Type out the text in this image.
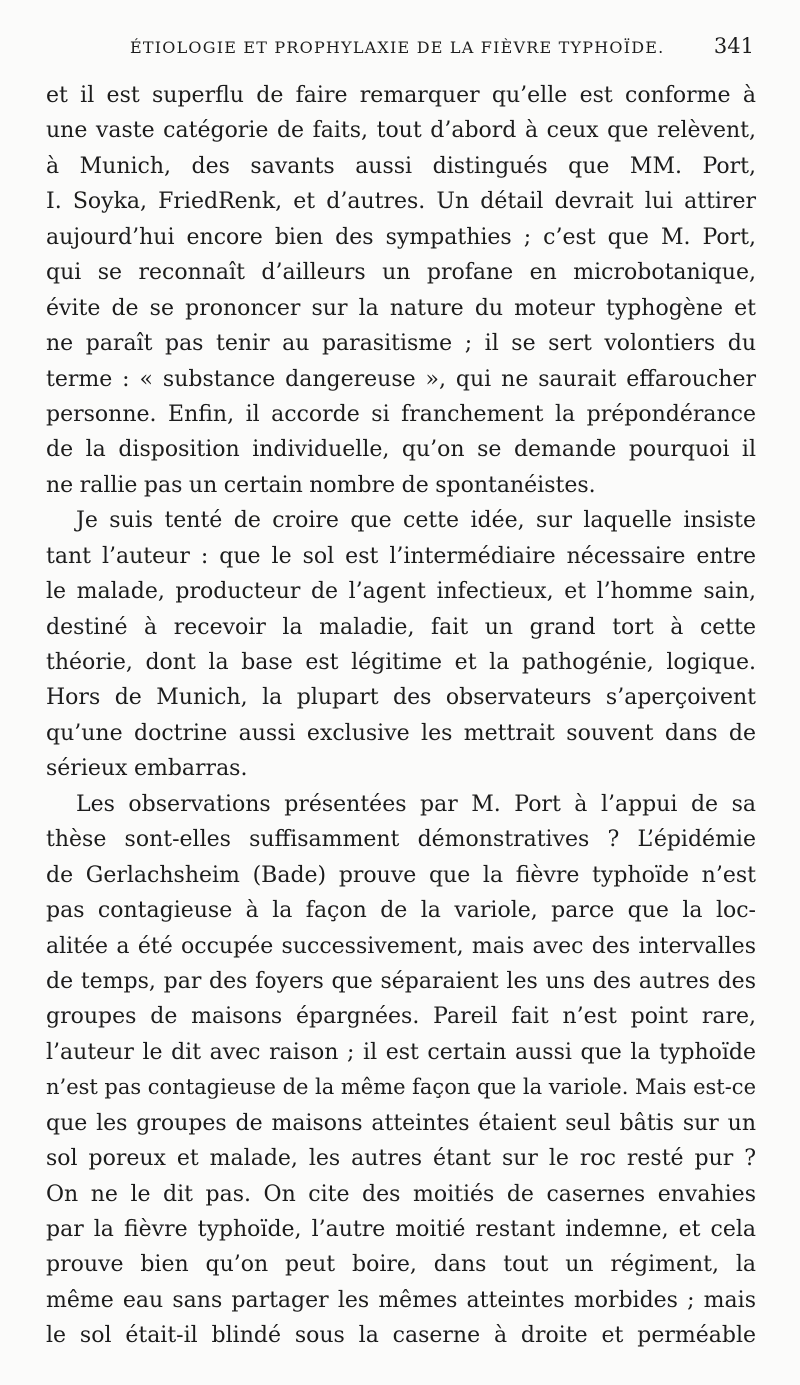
ÉTIOLOGIE ET PROPHYLAXIE DE LA FIÈVRE TYPHOÏDE. 341
et il est superflu de faire remarquer qu’elle est conforme à
une vaste catégorie de faits, tout d’abord à ceux que relèvent,
à Munich, des savants aussi distingués que MM. Port,
I. Soyka, FriedRenk, et d’autres. Un détail devrait lui attirer
aujourd’hui encore bien des sympathies ; c’est que M. Port,
qui se reconnaît d’ailleurs un profane en microbotanique,
évite de se prononcer sur la nature du moteur typhogène et
ne paraît pas tenir au parasitisme ; il se sert volontiers du
terme : « substance dangereuse », qui ne saurait effaroucher
personne. Enfin, il accorde si franchement la prépondérance
de la disposition individuelle, qu’on se demande pourquoi il
ne rallie pas un certain nombre de spontanéistes.
Je suis tenté de croire que cette idée, sur laquelle insiste
tant l’auteur : que le sol est l’intermédiaire nécessaire entre
le malade, producteur de l’agent infectieux, et l’homme sain,
destiné à recevoir la maladie, fait un grand tort à cette
théorie, dont la base est légitime et la pathogénie, logique.
Hors de Munich, la plupart des observateurs s’aperçoivent
qu’une doctrine aussi exclusive les mettrait souvent dans de
sérieux embarras.
Les observations présentées par M. Port à l’appui de sa
thèse sont-elles suffisamment démonstratives ? L’épidémie
de Gerlachsheim (Bade) prouve que la fièvre typhoïde n’est
pas contagieuse à la façon de la variole, parce que la loc-
alitée a été occupée successivement, mais avec des intervalles
de temps, par des foyers que séparaient les uns des autres des
groupes de maisons épargnées. Pareil fait n’est point rare,
l’auteur le dit avec raison ; il est certain aussi que la typhoïde
n’est pas contagieuse de la même façon que la variole. Mais est-ce
que les groupes de maisons atteintes étaient seul bâtis sur un
sol poreux et malade, les autres étant sur le roc resté pur ?
On ne le dit pas. On cite des moitiés de casernes envahies
par la fièvre typhoïde, l’autre moitié restant indemne, et cela
prouve bien qu’on peut boire, dans tout un régiment, la
même eau sans partager les mêmes atteintes morbides ; mais
le sol était-il blindé sous la caserne à droite et perméable
